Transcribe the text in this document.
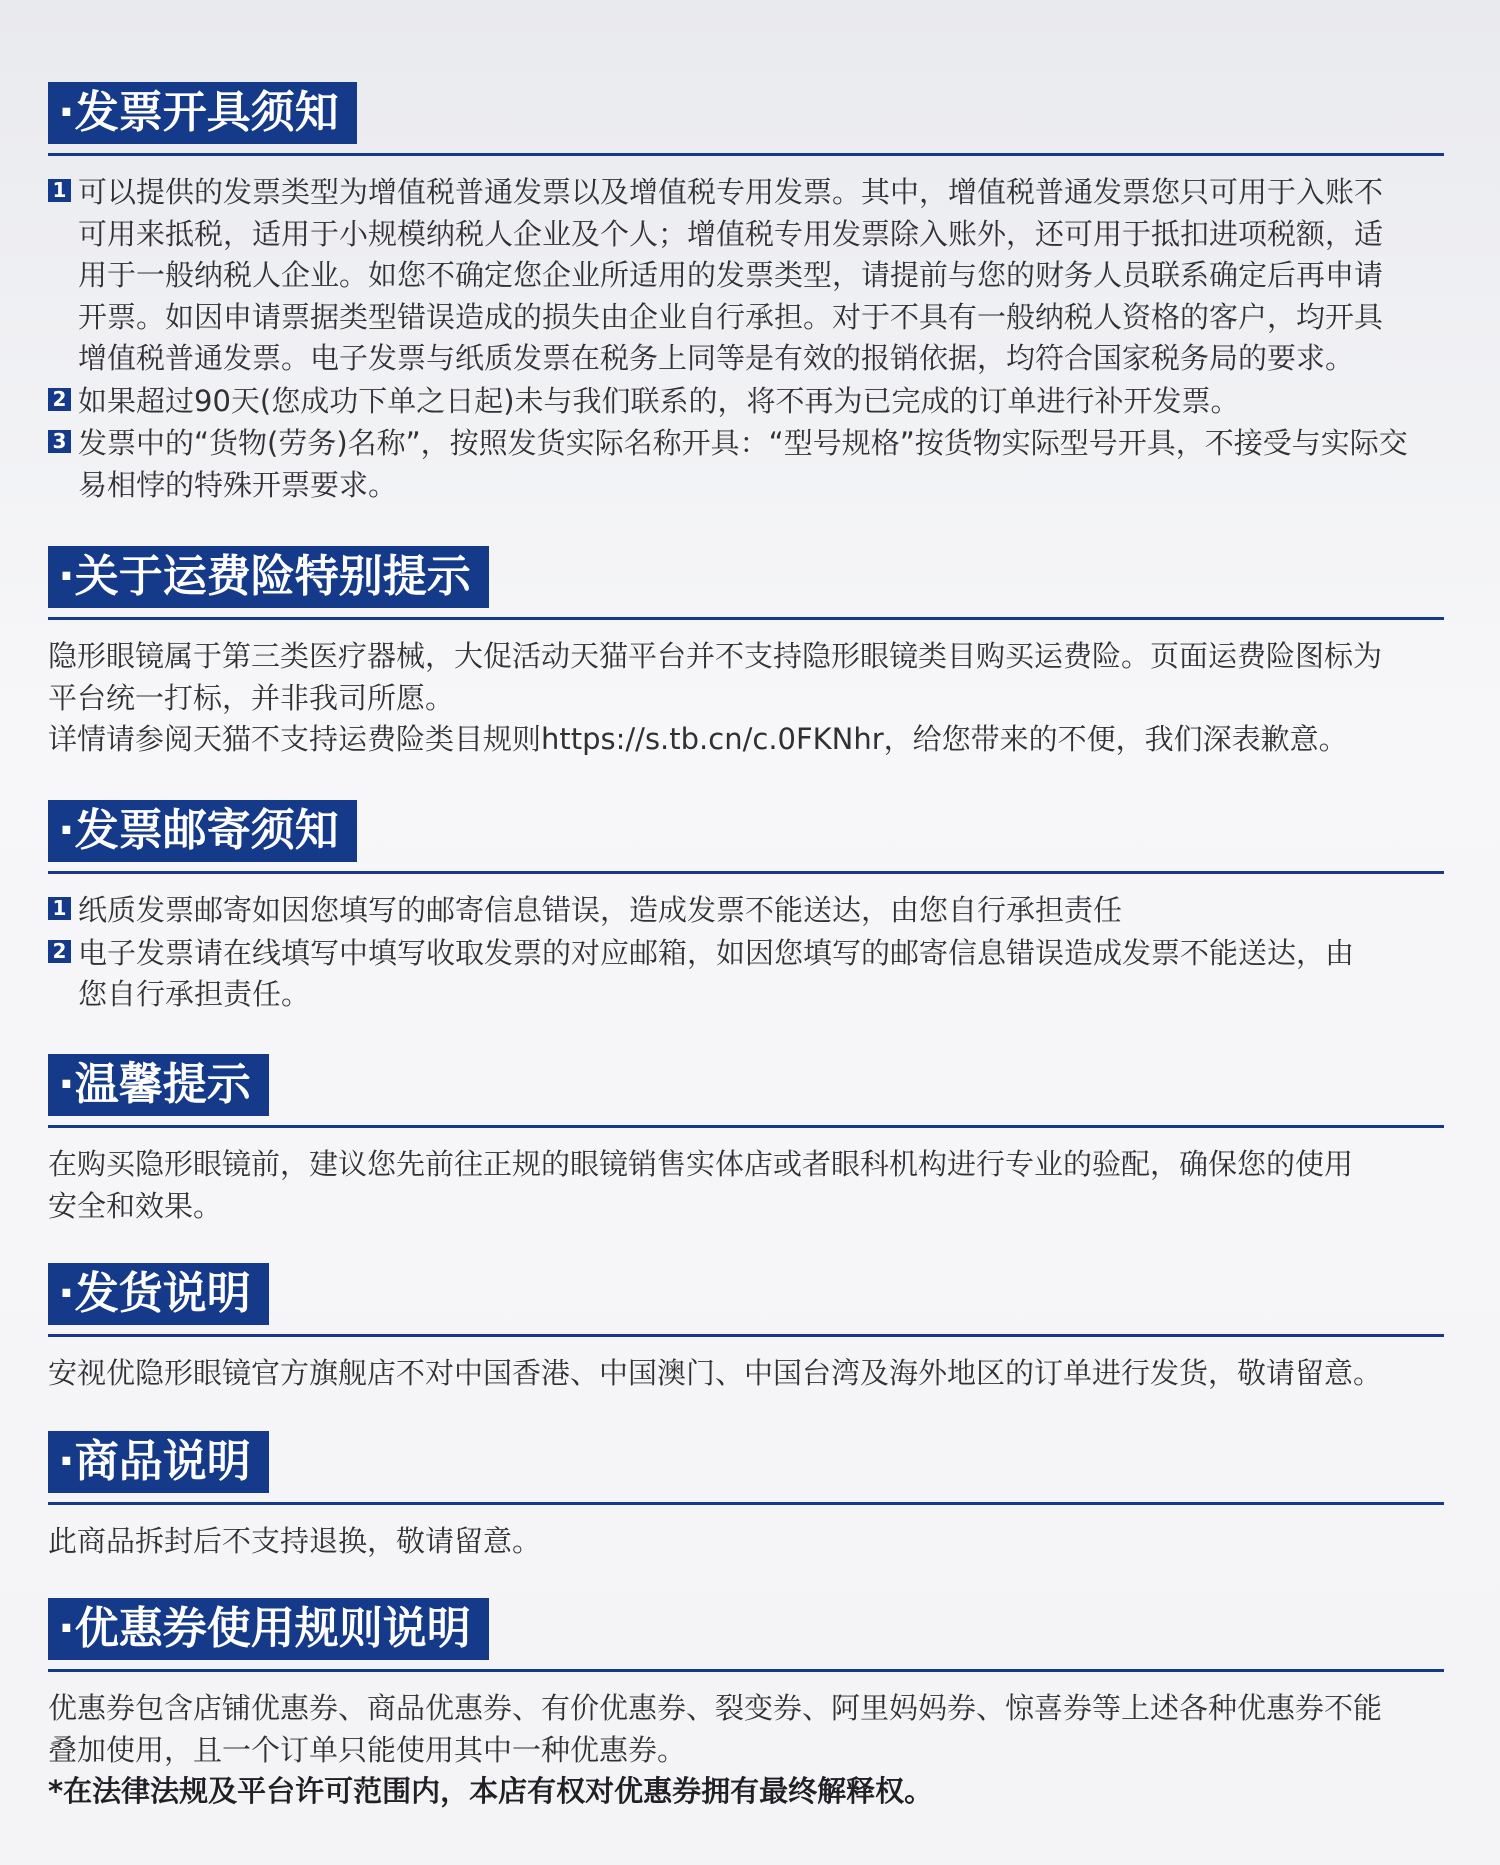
·发票开具须知
1 可以提供的发票类型为增值税普通发票以及增值税专用发票。其中，增值税普通发票您只可用于入账不
可用来抵税，适用于小规模纳税人企业及个人；增值税专用发票除入账外，还可用于抵扣进项税额，适
用于一般纳税人企业。如您不确定您企业所适用的发票类型，请提前与您的财务人员联系确定后再申请
开票。如因申请票据类型错误造成的损失由企业自行承担。对于不具有一般纳税人资格的客户，均开具
增值税普通发票。电子发票与纸质发票在税务上同等是有效的报销依据，均符合国家税务局的要求。
2 如果超过90天(您成功下单之日起)未与我们联系的，将不再为已完成的订单进行补开发票。
3 发票中的“货物(劳务)名称”，按照发货实际名称开具：“型号规格”按货物实际型号开具，不接受与实际交
易相悖的特殊开票要求。
·关于运费险特别提示
隐形眼镜属于第三类医疗器械，大促活动天猫平台并不支持隐形眼镜类目购买运费险。页面运费险图标为
平台统一打标，并非我司所愿。
详情请参阅天猫不支持运费险类目规则https://s.tb.cn/c.0FKNhr，给您带来的不便，我们深表歉意。
·发票邮寄须知
1 纸质发票邮寄如因您填写的邮寄信息错误，造成发票不能送达，由您自行承担责任
2 电子发票请在线填写中填写收取发票的对应邮箱，如因您填写的邮寄信息错误造成发票不能送达，由
您自行承担责任。
·温馨提示
在购买隐形眼镜前，建议您先前往正规的眼镜销售实体店或者眼科机构进行专业的验配，确保您的使用
安全和效果。
·发货说明
安视优隐形眼镜官方旗舰店不对中国香港、中国澳门、中国台湾及海外地区的订单进行发货，敬请留意。
·商品说明
此商品拆封后不支持退换，敬请留意。
·优惠券使用规则说明
优惠券包含店铺优惠券、商品优惠券、有价优惠券、裂变券、阿里妈妈券、惊喜券等上述各种优惠券不能
叠加使用，且一个订单只能使用其中一种优惠券。
*在法律法规及平台许可范围内，本店有权对优惠券拥有最终解释权。
